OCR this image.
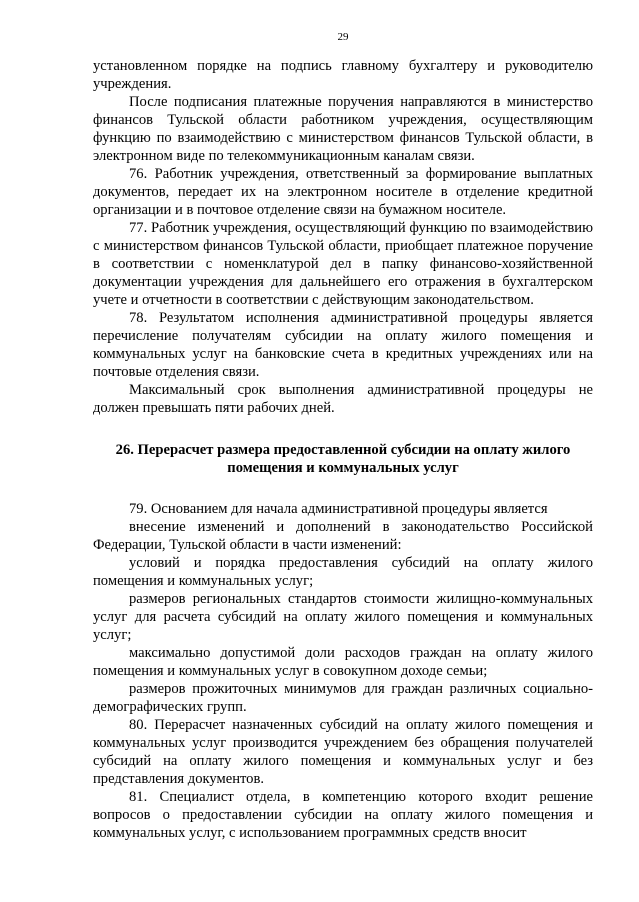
29

установленном порядке на подпись главному бухгалтеру и руководителю учреждения.

После подписания платежные поручения направляются в министерство финансов Тульской области работником учреждения, осуществляющим функцию по взаимодействию с министерством финансов Тульской области, в электронном виде по телекоммуникационным каналам связи.

76. Работник учреждения, ответственный за формирование выплатных документов, передает их на электронном носителе в отделение кредитной организации и в почтовое отделение связи на бумажном носителе.

77. Работник учреждения, осуществляющий функцию по взаимодействию с министерством финансов Тульской области, приобщает платежное поручение в соответствии с номенклатурой дел в папку финансово-хозяйственной документации учреждения для дальнейшего его отражения в бухгалтерском учете и отчетности в соответствии с действующим законодательством.

78. Результатом исполнения административной процедуры является перечисление получателям субсидии на оплату жилого помещения и коммунальных услуг на банковские счета в кредитных учреждениях или на почтовые отделения связи.

Максимальный срок выполнения административной процедуры не должен превышать пяти рабочих дней.

26. Перерасчет размера предоставленной субсидии на оплату жилого помещения и коммунальных услуг

79. Основанием для начала административной процедуры является

внесение изменений и дополнений в законодательство Российской Федерации, Тульской области в части изменений:

условий и порядка предоставления субсидий на оплату жилого помещения и коммунальных услуг;

размеров региональных стандартов стоимости жилищно-коммунальных услуг для расчета субсидий на оплату жилого помещения и коммунальных услуг;

максимально допустимой доли расходов граждан на оплату жилого помещения и коммунальных услуг в совокупном доходе семьи;

размеров прожиточных минимумов для граждан различных социально-демографических групп.

80. Перерасчет назначенных субсидий на оплату жилого помещения и коммунальных услуг производится учреждением без обращения получателей субсидий на оплату жилого помещения и коммунальных услуг и без представления документов.

81. Специалист отдела, в компетенцию которого входит решение вопросов о предоставлении субсидии на оплату жилого помещения и коммунальных услуг, с использованием программных средств вносит
